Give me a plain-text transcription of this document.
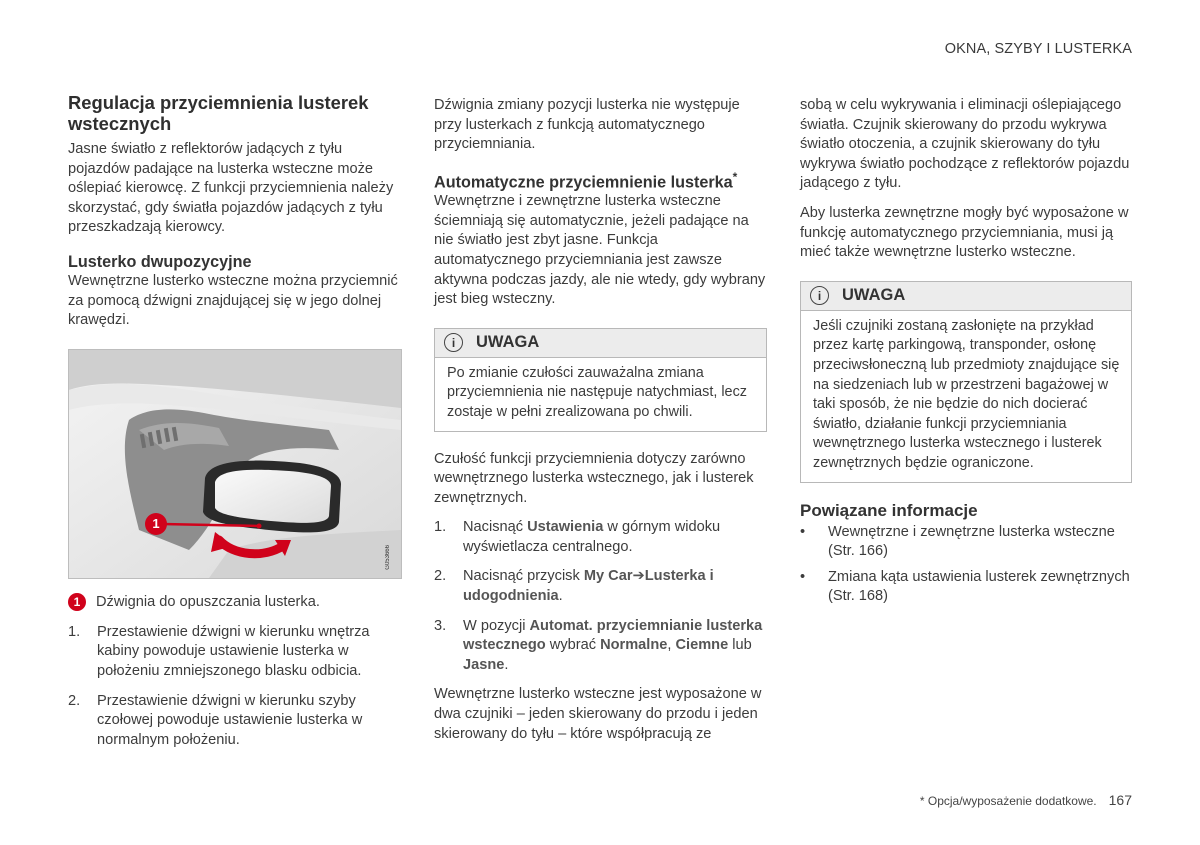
OKNA, SZYBY I LUSTERKA
Regulacja przyciemnienia lusterek wstecznych

Jasne światło z reflektorów jadących z tyłu pojazdów padające na lusterka wsteczne może oślepiać kierowcę. Z funkcji przyciemnienia należy skorzystać, gdy światła pojazdów jadących z tyłu przeszkadzają kierowcy.

Lusterko dwupozycyjne

Wewnętrzne lusterko wsteczne można przyciemnić za pomocą dźwigni znajdującej się w jego dolnej krawędzi.

1
G053666
1	Dźwignia do opuszczania lusterka.
1.	Przestawienie dźwigni w kierunku wnętrza kabiny powoduje ustawienie lusterka w położeniu zmniejszonego blasku odbicia.
2.	Przestawienie dźwigni w kierunku szyby czołowej powoduje ustawienie lusterka w normalnym położeniu.

Dźwignia zmiany pozycji lusterka nie występuje przy lusterkach z funkcją automatycznego przyciemniania.

Automatyczne przyciemnienie lusterka*

Wewnętrzne i zewnętrzne lusterka wsteczne ściemniają się automatycznie, jeżeli padające na nie światło jest zbyt jasne. Funkcja automatycznego przyciemniania jest zawsze aktywna podczas jazdy, ale nie wtedy, gdy wybrany jest bieg wsteczny.

i	UWAGA
Po zmianie czułości zauważalna zmiana przyciemnienia nie następuje natychmiast, lecz zostaje w pełni zrealizowana po chwili.

Czułość funkcji przyciemnienia dotyczy zarówno wewnętrznego lusterka wstecznego, jak i lusterek zewnętrznych.

1.	Nacisnąć Ustawienia w górnym widoku wyświetlacza centralnego.
2.	Nacisnąć przycisk My Car➔Lusterka i udogodnienia.
3.	W pozycji Automat. przyciemnianie lusterka wstecznego wybrać Normalne, Ciemne lub Jasne.

Wewnętrzne lusterko wsteczne jest wyposażone w dwa czujniki – jeden skierowany do przodu i jeden skierowany do tyłu – które współpracują ze

sobą w celu wykrywania i eliminacji oślepiającego światła. Czujnik skierowany do przodu wykrywa światło otoczenia, a czujnik skierowany do tyłu wykrywa światło pochodzące z reflektorów pojazdu jadącego z tyłu.

Aby lusterka zewnętrzne mogły być wyposażone w funkcję automatycznego przyciemniania, musi ją mieć także wewnętrzne lusterko wsteczne.

i	UWAGA
Jeśli czujniki zostaną zasłonięte na przykład przez kartę parkingową, transponder, osłonę przeciwsłoneczną lub przedmioty znajdujące się na siedzeniach lub w przestrzeni bagażowej w taki sposób, że nie będzie do nich docierać światło, działanie funkcji przyciemniania wewnętrznego lusterka wstecznego i lusterek zewnętrznych będzie ograniczone.
Powiązane informacje
•	Wewnętrzne i zewnętrzne lusterka wsteczne (Str. 166)
•	Zmiana kąta ustawienia lusterek zewnętrznych (Str. 168)
* Opcja/wyposażenie dodatkowe. 167
